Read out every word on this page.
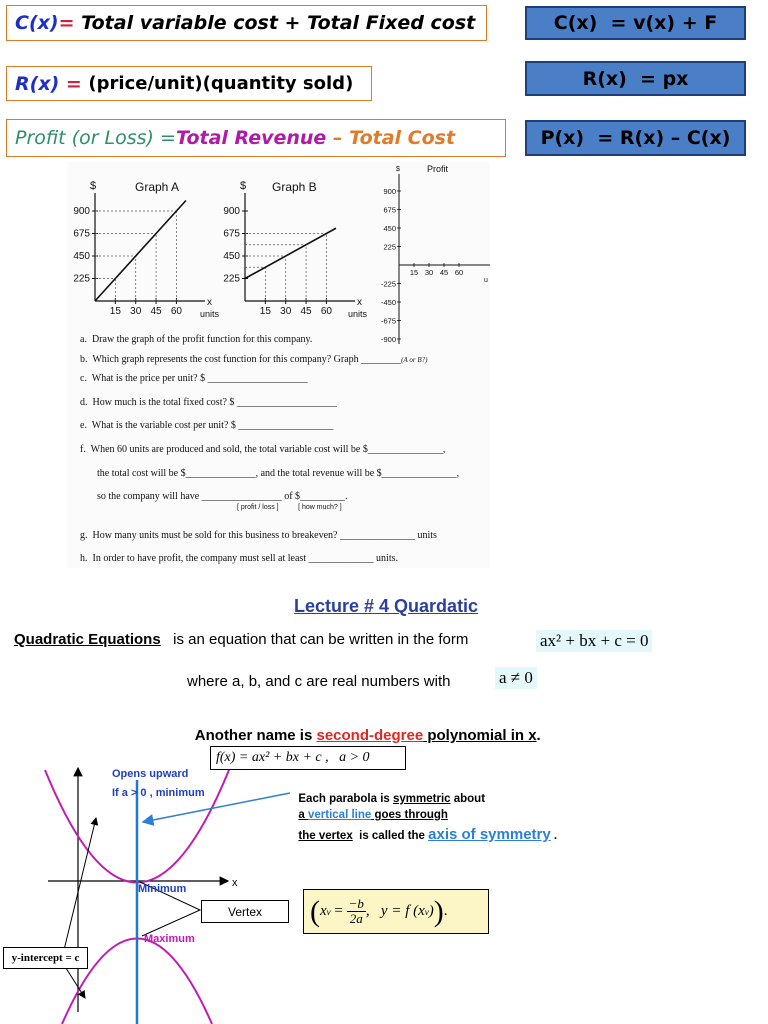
C(x) = Total variable cost + Total Fixed cost	C(x)  = v(x) + F
R(x) = (price/unit)(quantity sold)	R(x)  = px
Profit (or Loss) = Total Revenue – Total Cost	P(x)  = R(x) – C(x)
$	Graph A
900
675
450
225
15 30 45 60
x
units
$ Graph B
900
675
450
225
15 30 45 60
x
units
$	Profit
900
675
450
225
-225
-450
-675
-900
15 30 45 60
u
a. Draw the graph of the profit function for this company.
b. Which graph represents the cost function for this company? Graph ________(A or B?)
c. What is the price per unit? $ ____________________
d. How much is the total fixed cost? $ ____________________
e. What is the variable cost per unit? $ ___________________
f. When 60 units are produced and sold, the total variable cost will be $_______________,
the total cost will be $______________, and the total revenue will be $_______________,
so the company will have ________________ of $_________.
[ profit / loss ]          [ how much? ]
g. How many units must be sold for this business to breakeven? _______________ units
h. In order to have profit, the company must sell at least _____________ units.
Lecture # 4 Quardatic
Quadratic Equations is an equation that can be written in the form	ax² + bx + c = 0
where a, b, and c are real numbers with	a ≠ 0

Another name is second-degree polynomial in x.

f(x) = ax² + bx + c ,   a > 0
x
Opens upward
If a > 0 , minimum
Minimum
Maximum
Vertex
y-intercept = c

Each parabola is symmetric about

a vertical line goes through

the vertex  is called the axis of symmetry .

( x $v = \frac{-b}{2a}$ ,   y = f (x v ) ) .
